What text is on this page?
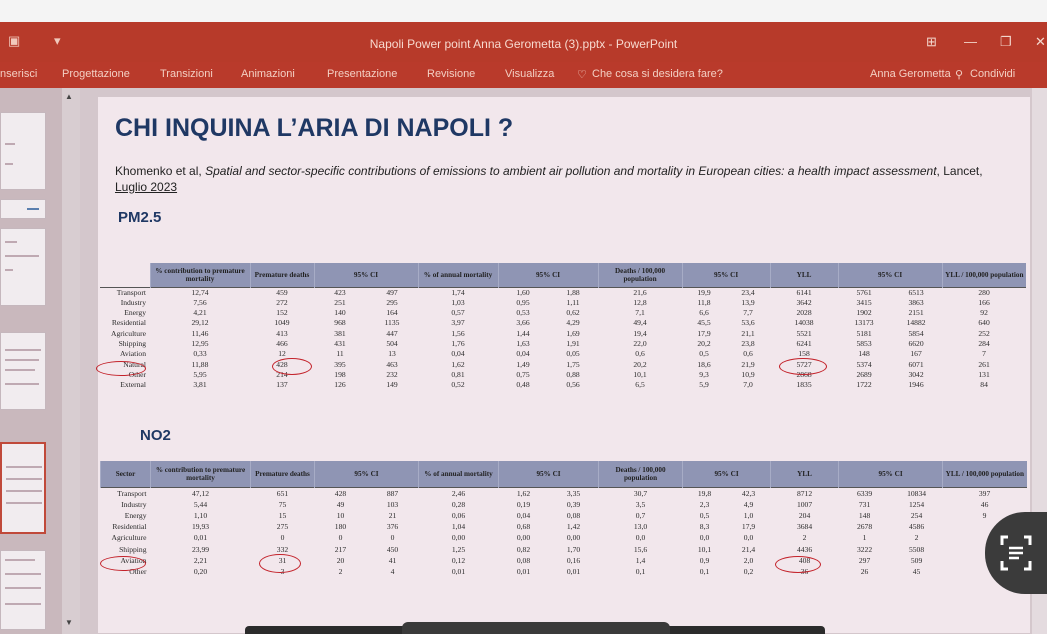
▣	▾	Napoli Power point Anna Gerometta (3).pptx - PowerPoint	⊞ — ❐ ✕
nserisci Progettazione	Transizioni	Animazioni	Presentazione	Revisione	Visualizza ♡ Che cosa si desidera fare?	Anna Gerometta ⚲ Condividi
▲
▼
CHI INQUINA L’ARIA DI NAPOLI ?
Khomenko et al, Spatial and sector-specific contributions of emissions to ambient air pollution and mortality in European cities: a health impact assessment, Lancet, Luglio 2023
PM2.5
	% contribution to premature mortality	Premature deaths	95% CI		% of annual mortality	95% CI		Deaths / 100,000 population	95% CI		YLL	95% CI		YLL / 100,000 population
Transport	12,74	459	423	497	1,74	1,60	1,88	21,6	19,9	23,4	6141	5761	6513	280
Industry	7,56	272	251	295	1,03	0,95	1,11	12,8	11,8	13,9	3642	3415	3863	166
Energy	4,21	152	140	164	0,57	0,53	0,62	7,1	6,6	7,7	2028	1902	2151	92
Residential	29,12	1049	968	1135	3,97	3,66	4,29	49,4	45,5	53,6	14038	13173	14882	640
Agriculture	11,46	413	381	447	1,56	1,44	1,69	19,4	17,9	21,1	5521	5181	5854	252
Shipping	12,95	466	431	504	1,76	1,63	1,91	22,0	20,2	23,8	6241	5853	6620	284
Aviation	0,33	12	11	13	0,04	0,04	0,05	0,6	0,5	0,6	158	148	167	7
Natural	11,88	428	395	463	1,62	1,49	1,75	20,2	18,6	21,9	5727	5374	6071	261
Other	5,95	214	198	232	0,81	0,75	0,88	10,1	9,3	10,9	2868	2689	3042	131
External	3,81	137	126	149	0,52	0,48	0,56	6,5	5,9	7,0	1835	1722	1946	84
NO2
Sector	% contribution to premature mortality	Premature deaths	95% CI		% of annual mortality	95% CI		Deaths / 100,000 population	95% CI		YLL	95% CI		YLL / 100,000 population
Transport	47,12	651	428	887	2,46	1,62	3,35	30,7	19,8	42,3	8712	6339	10834	397
Industry	5,44	75	49	103	0,28	0,19	0,39	3,5	2,3	4,9	1007	731	1254	46
Energy	1,10	15	10	21	0,06	0,04	0,08	0,7	0,5	1,0	204	148	254	9
Residential	19,93	275	180	376	1,04	0,68	1,42	13,0	8,3	17,9	3684	2678	4586	
Agriculture	0,01	0	0	0	0,00	0,00	0,00	0,0	0,0	0,0	2	1	2	
Shipping	23,99	332	217	450	1,25	0,82	1,70	15,6	10,1	21,4	4436	3222	5508	
Aviation	2,21	31	20	41	0,12	0,08	0,16	1,4	0,9	2,0	408	297	509	
Other	0,20	3	2	4	0,01	0,01	0,01	0,1	0,1	0,2	36	26	45	
